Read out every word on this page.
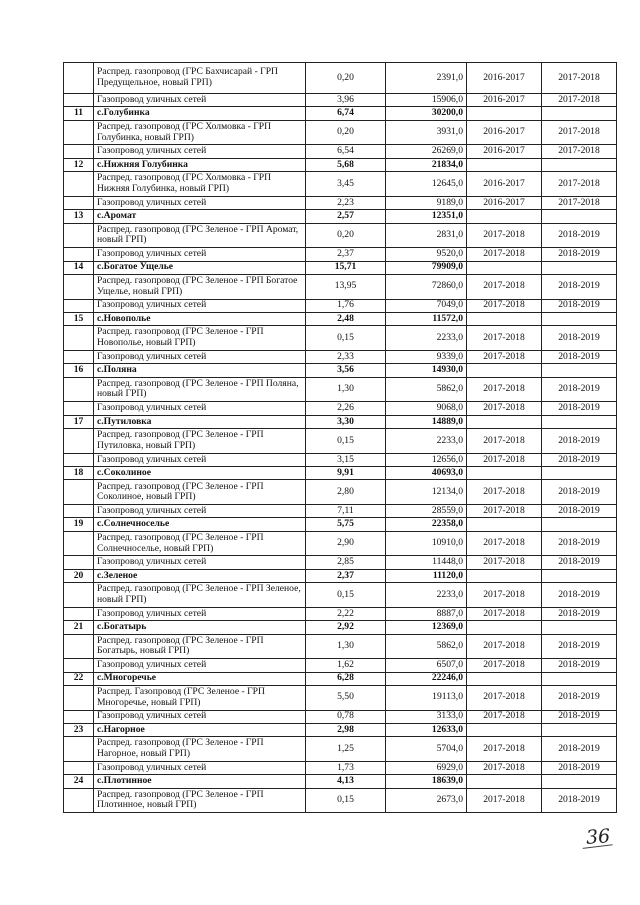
	Распред. газопровод (ГРС Бахчисарай - ГРП Предущельное, новый ГРП)	0,20	2391,0	2016-2017	2017-2018
	Газопровод уличных сетей	3,96	15906,0	2016-2017	2017-2018
11	с.Голубинка	6,74	30200,0		
	Распред. газопровод (ГРС Холмовка - ГРП Голубинка, новый ГРП)	0,20	3931,0	2016-2017	2017-2018
	Газопровод уличных сетей	6,54	26269,0	2016-2017	2017-2018
12	с.Нижняя Голубинка	5,68	21834,0		
	Распред. газопровод (ГРС Холмовка - ГРП Нижняя Голубинка, новый ГРП)	3,45	12645,0	2016-2017	2017-2018
	Газопровод уличных сетей	2,23	9189,0	2016-2017	2017-2018
13	с.Аромат	2,57	12351,0		
	Распред. газопровод (ГРС Зеленое - ГРП Аромат, новый ГРП)	0,20	2831,0	2017-2018	2018-2019
	Газопровод уличных сетей	2,37	9520,0	2017-2018	2018-2019
14	с.Богатое Ущелье	15,71	79909,0		
	Распред. газопровод (ГРС Зеленое - ГРП Богатое Ущелье, новый ГРП)	13,95	72860,0	2017-2018	2018-2019
	Газопровод уличных сетей	1,76	7049,0	2017-2018	2018-2019
15	с.Новополье	2,48	11572,0		
	Распред. газопровод (ГРС Зеленое - ГРП Новополье, новый ГРП)	0,15	2233,0	2017-2018	2018-2019
	Газопровод уличных сетей	2,33	9339,0	2017-2018	2018-2019
16	с.Поляна	3,56	14930,0		
	Распред. газопровод (ГРС Зеленое - ГРП Поляна, новый ГРП)	1,30	5862,0	2017-2018	2018-2019
	Газопровод уличных сетей	2,26	9068,0	2017-2018	2018-2019
17	с.Путиловка	3,30	14889,0		
	Распред. газопровод (ГРС Зеленое - ГРП Путиловка, новый ГРП)	0,15	2233,0	2017-2018	2018-2019
	Газопровод уличных сетей	3,15	12656,0	2017-2018	2018-2019
18	с.Соколиное	9,91	40693,0		
	Распред. газопровод (ГРС Зеленое - ГРП Соколиное, новый ГРП)	2,80	12134,0	2017-2018	2018-2019
	Газопровод уличных сетей	7,11	28559,0	2017-2018	2018-2019
19	с.Солнечноселье	5,75	22358,0		
	Распред. газопровод (ГРС Зеленое - ГРП Солнечноселье, новый ГРП)	2,90	10910,0	2017-2018	2018-2019
	Газопровод уличных сетей	2,85	11448,0	2017-2018	2018-2019
20	с.Зеленое	2,37	11120,0		
	Распред. газопровод (ГРС Зеленое - ГРП Зеленое, новый ГРП)	0,15	2233,0	2017-2018	2018-2019
	Газопровод уличных сетей	2,22	8887,0	2017-2018	2018-2019
21	с.Богатырь	2,92	12369,0		
	Распред. газопровод (ГРС Зеленое - ГРП Богатырь, новый ГРП)	1,30	5862,0	2017-2018	2018-2019
	Газопровод уличных сетей	1,62	6507,0	2017-2018	2018-2019
22	с.Многоречье	6,28	22246,0		
	Распред. Газопровод (ГРС Зеленое - ГРП Многоречье, новый ГРП)	5,50	19113,0	2017-2018	2018-2019
	Газопровод уличных сетей	0,78	3133,0	2017-2018	2018-2019
23	с.Нагорное	2,98	12633,0		
	Распред. газопровод (ГРС Зеленое - ГРП Нагорное, новый ГРП)	1,25	5704,0	2017-2018	2018-2019
	Газопровод уличных сетей	1,73	6929,0	2017-2018	2018-2019
24	с.Плотинное	4,13	18639,0		
	Распред. газопровод (ГРС Зеленое - ГРП Плотинное, новый ГРП)	0,15	2673,0	2017-2018	2018-2019
36
